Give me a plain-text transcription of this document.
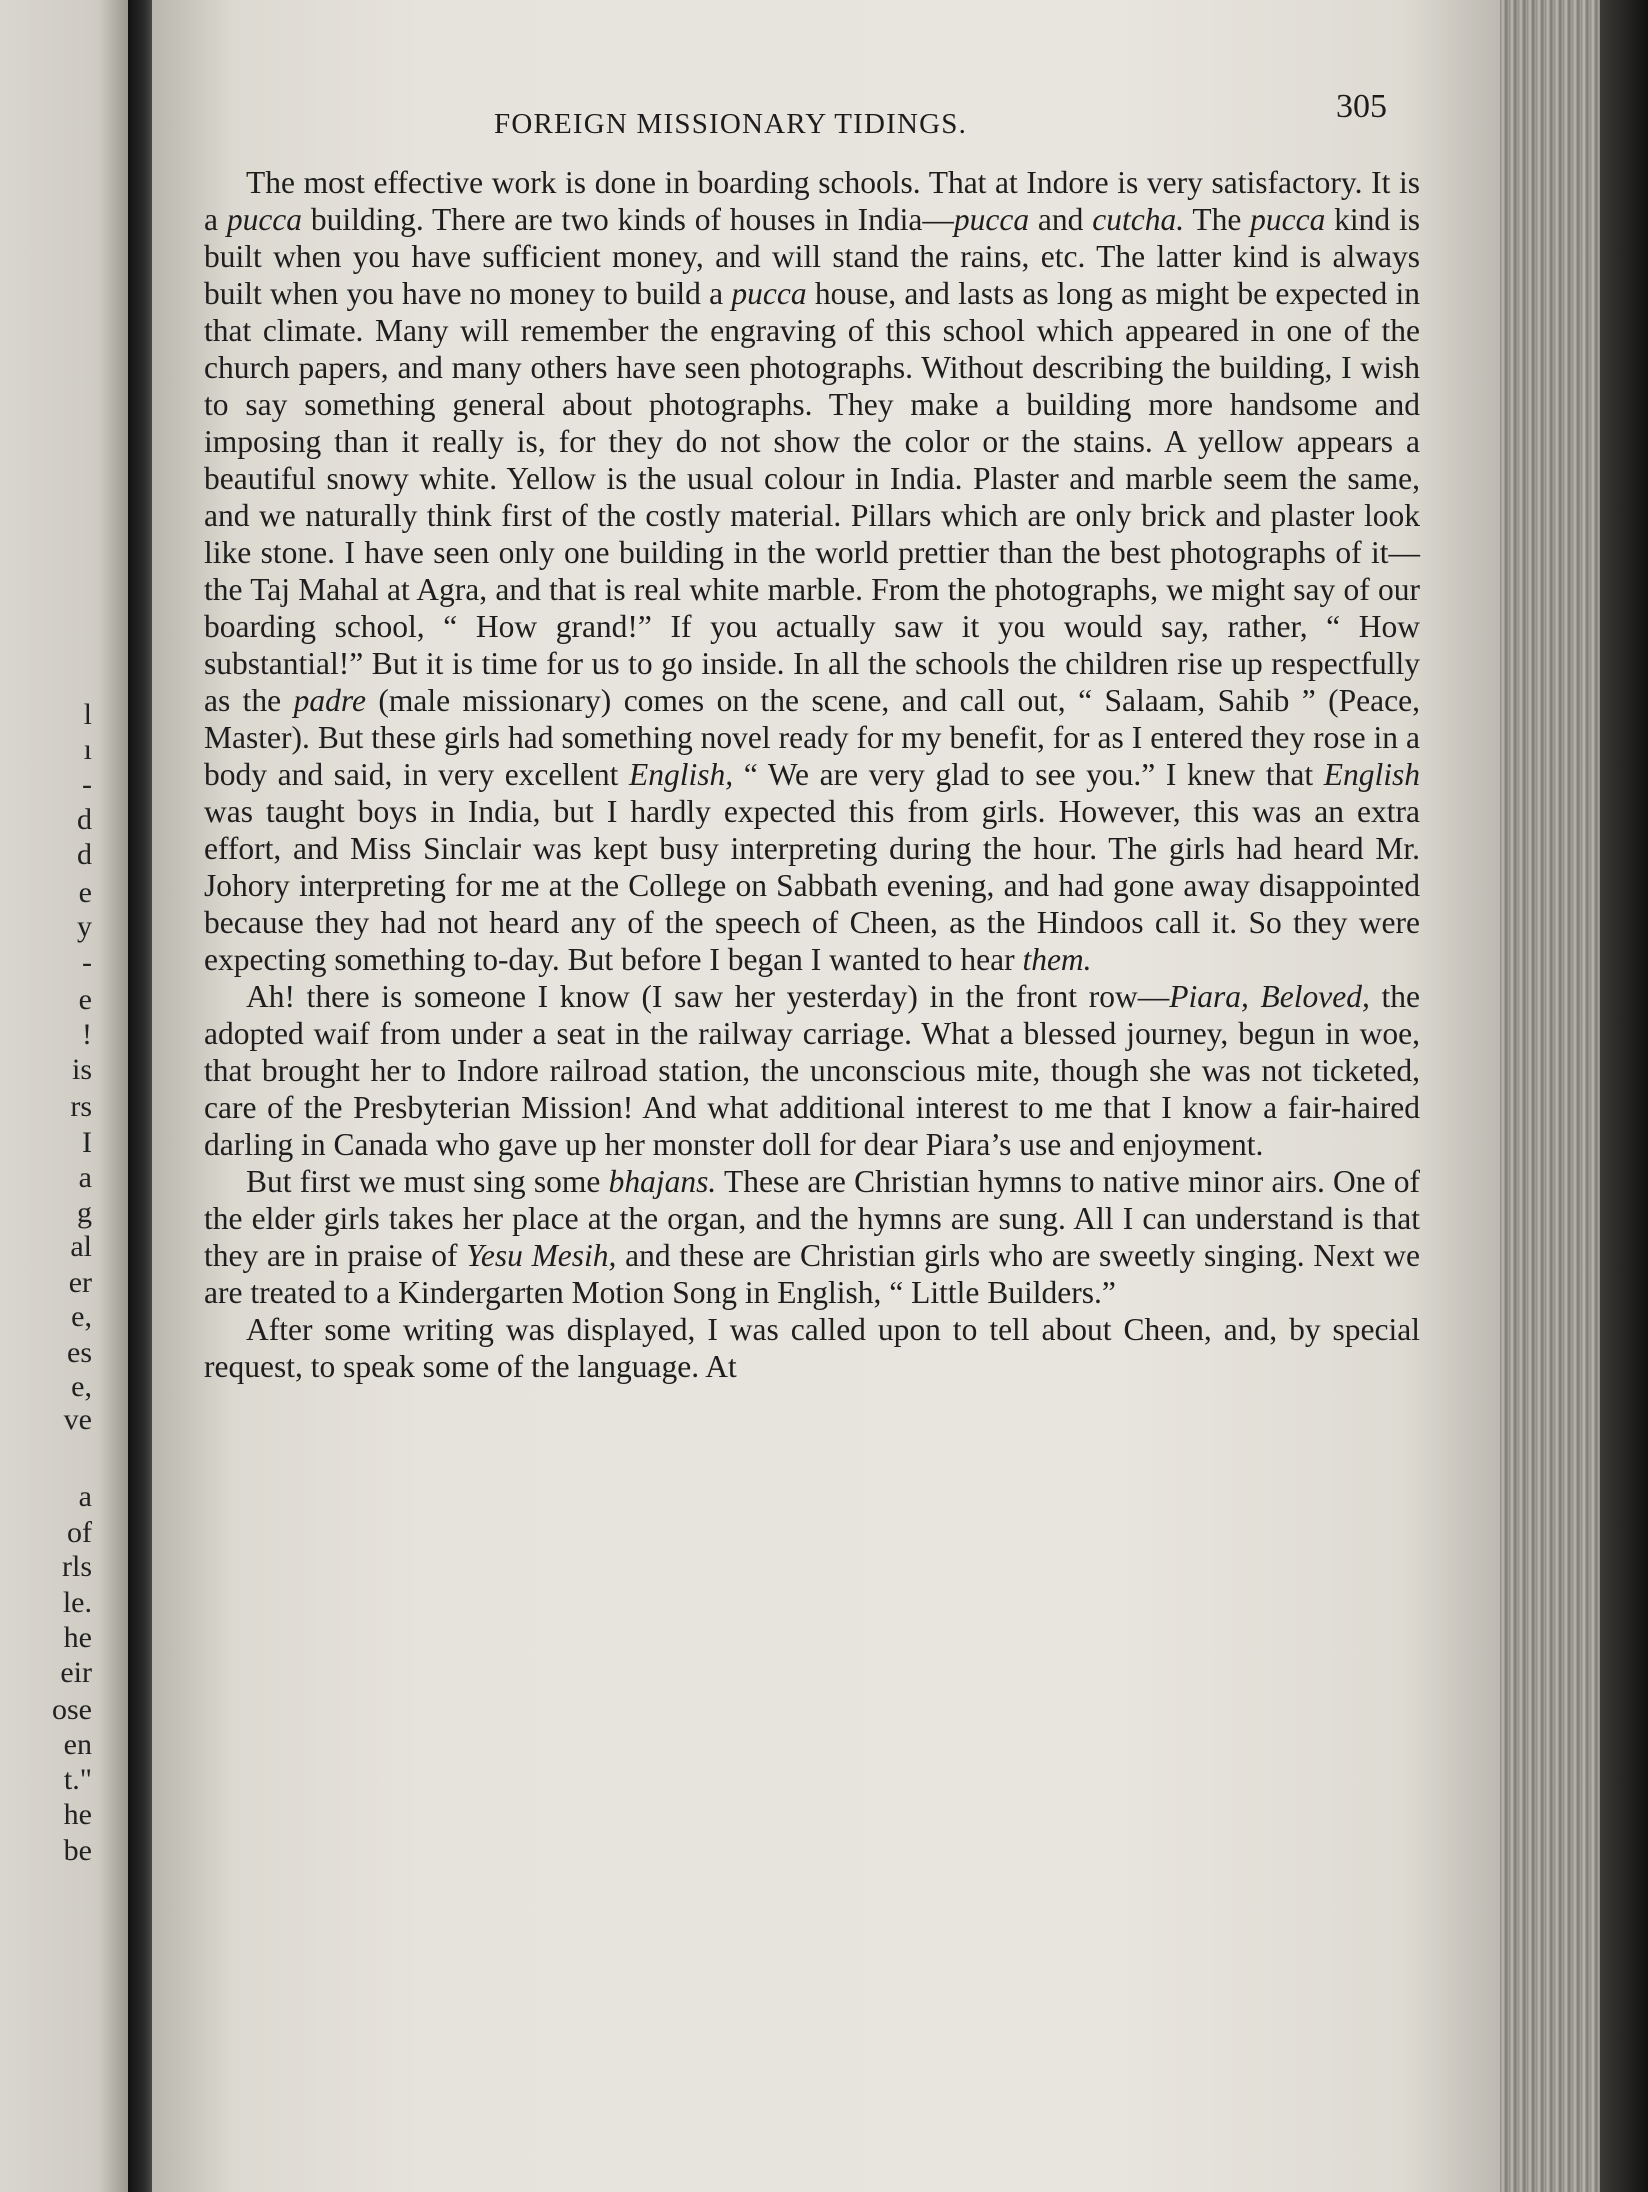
l
ı
-
d
d
e
y
-
e
!
is
rs
I
a
g
al
er
e,
es
e,
ve
a
of
rls
le.
he
eir
ose
en
t."
he
be
FOREIGN MISSIONARY TIDINGS.	305

The most effective work is done in boarding schools. That at Indore is very satisfactory. It is a pucca building. There are two kinds of houses in India—pucca and cutcha. The pucca kind is built when you have sufficient money, and will stand the rains, etc. The latter kind is always built when you have no money to build a pucca house, and lasts as long as might be expected in that climate. Many will remember the engraving of this school which appeared in one of the church papers, and many others have seen photographs. Without describing the building, I wish to say something general about photographs. They make a building more handsome and imposing than it really is, for they do not show the color or the stains. A yellow appears a beautiful snowy white. Yellow is the usual colour in India. Plaster and marble seem the same, and we naturally think first of the costly material. Pillars which are only brick and plaster look like stone. I have seen only one building in the world prettier than the best photographs of it—the Taj Mahal at Agra, and that is real white marble. From the photographs, we might say of our boarding school, “ How grand!” If you actually saw it you would say, rather, “ How substantial!” But it is time for us to go inside. In all the schools the children rise up respectfully as the padre (male missionary) comes on the scene, and call out, “ Salaam, Sahib ” (Peace, Master). But these girls had something novel ready for my benefit, for as I entered they rose in a body and said, in very excellent English, “ We are very glad to see you.” I knew that English was taught boys in India, but I hardly expected this from girls. However, this was an extra effort, and Miss Sinclair was kept busy interpreting during the hour. The girls had heard Mr. Johory interpreting for me at the College on Sabbath evening, and had gone away disappointed because they had not heard any of the speech of Cheen, as the Hindoos call it. So they were expecting something to-day. But before I began I wanted to hear them.

Ah! there is someone I know (I saw her yesterday) in the front row—Piara, Beloved, the adopted waif from under a seat in the railway carriage. What a blessed journey, begun in woe, that brought her to Indore railroad station, the unconscious mite, though she was not ticketed, care of the Presbyterian Mission! And what additional interest to me that I know a fair-haired darling in Canada who gave up her monster doll for dear Piara’s use and enjoyment.

But first we must sing some bhajans. These are Christian hymns to native minor airs. One of the elder girls takes her place at the organ, and the hymns are sung. All I can understand is that they are in praise of Yesu Mesih, and these are Christian girls who are sweetly singing. Next we are treated to a Kindergarten Motion Song in English, “ Little Builders.”

After some writing was displayed, I was called upon to tell about Cheen, and, by special request, to speak some of the language. At
